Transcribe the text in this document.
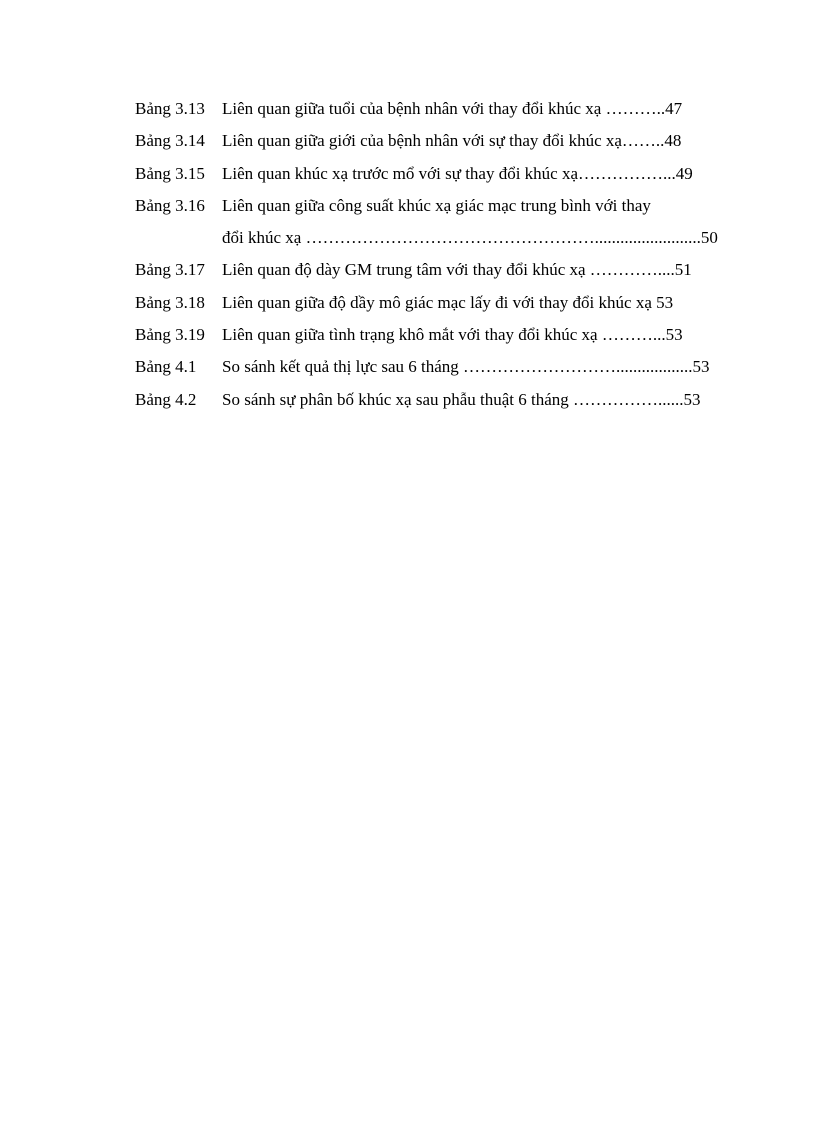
Bảng 3.13	Liên quan giữa tuổi của bệnh nhân với thay đổi khúc xạ ………..47
Bảng 3.14	Liên quan giữa giới của bệnh nhân với sự thay đổi khúc xạ……..48
Bảng 3.15	Liên quan khúc xạ trước mổ với sự thay đổi khúc xạ……………...49
Bảng 3.16	Liên quan giữa công suất khúc xạ giác mạc trung bình với thay
đổi khúc xạ …………………………………………….........................50
Bảng 3.17	Liên quan độ dày GM trung tâm với thay đổi khúc xạ …………....51
Bảng 3.18	Liên quan giữa độ dầy mô giác mạc lấy đi với thay đổi khúc xạ 53
Bảng 3.19	Liên quan giữa tình trạng khô mắt với thay đổi khúc xạ ………...53
Bảng 4.1	So sánh kết quả thị lực sau 6 tháng ………………………..................53
Bảng 4.2	So sánh sự phân bố khúc xạ sau phẫu thuật 6 tháng ……………......53
